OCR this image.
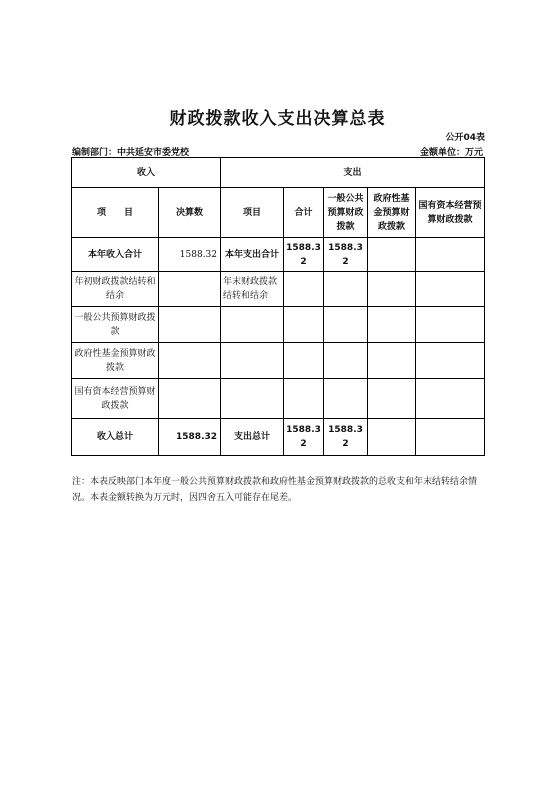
财政拨款收入支出决算总表
公开04表
编制部门：中共延安市委党校	金额单位：万元
收入		支出				
项　　目	决算数	项目	合计	一般公共预算财政拨款	政府性基金预算财政拨款	国有资本经营预算财政拨款
本年收入合计	1588.32	本年支出合计	1588.32	1588.32		
年初财政拨款结转和结余		年末财政拨款结转和结余				
一般公共预算财政拨款						
政府性基金预算财政拨款						
国有资本经营预算财政拨款						
收入总计	1588.32	支出总计	1588.32	1588.32		
注：本表反映部门本年度一般公共预算财政拨款和政府性基金预算财政拨款的总收支和年末结转结余情况。本表金额转换为万元时，因四舍五入可能存在尾差。
